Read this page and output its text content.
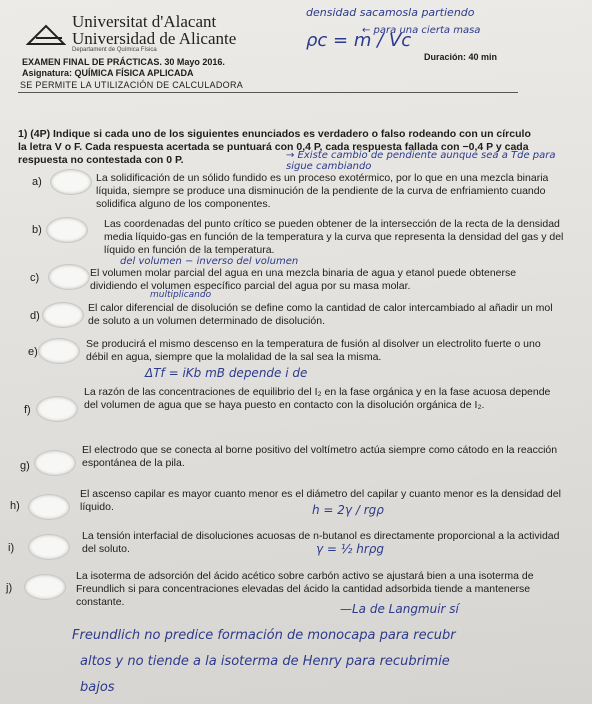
Universitat d'Alacant
Universidad de Alicante
Departament de Química Física
densidad sacamosla partiendo
ρc = m / Vc
← para una cierta masa
EXAMEN FINAL DE PRÁCTICAS. 30 Mayo 2016.	Duración: 40 min
Asignatura: QUÍMICA FÍSICA APLICADA
SE PERMITE LA UTILIZACIÓN DE CALCULADORA
1) (4P) Indique si cada uno de los siguientes enunciados es verdadero o falso rodeando con un círculo la letra V o F. Cada respuesta acertada se puntuará con 0,4 P, cada respuesta fallada con −0,4 P y cada respuesta no contestada con 0 P.	→ Existe cambio de pendiente aunque sea a Tde para sigue cambiando
a)	La solidificación de un sólido fundido es un proceso exotérmico, por lo que en una mezcla binaria líquida, siempre se produce una disminución de la pendiente de la curva de enfriamiento cuando solidifica alguno de los componentes.
b)	Las coordenadas del punto crítico se pueden obtener de la intersección de la recta de la densidad media líquido-gas en función de la temperatura y la curva que representa la densidad del gas y del líquido en función de la temperatura.
del volumen − inverso del volumen
c)	El volumen molar parcial del agua en una mezcla binaria de agua y etanol puede obtenerse dividiendo el volumen específico parcial del agua por su masa molar.
multiplicando
d)
El calor diferencial de disolución se define como la cantidad de calor intercambiado al añadir un mol de soluto a un volumen determinado de disolución.
e)
Se producirá el mismo descenso en la temperatura de fusión al disolver un electrolito fuerte o uno débil en agua, siempre que la molalidad de la sal sea la misma.
ΔTf = iKb mB depende i de
f)
La razón de las concentraciones de equilibrio del I₂ en la fase orgánica y en la fase acuosa depende del volumen de agua que se haya puesto en contacto con la disolución orgánica de I₂.
g)
El electrodo que se conecta al borne positivo del voltímetro actúa siempre como cátodo en la reacción espontánea de la pila.
h)
El ascenso capilar es mayor cuanto menor es el diámetro del capilar y cuanto menor es la densidad del líquido.	h = 2γ / rgρ
i)
La tensión interfacial de disoluciones acuosas de n-butanol es directamente proporcional a la actividad del soluto.	γ = ½ hrρg
j)
La isoterma de adsorción del ácido acético sobre carbón activo se ajustará bien a una isoterma de Freundlich si para concentraciones elevadas del ácido la cantidad adsorbida tiende a mantenerse constante.	—La de Langmuir sí
Freundlich no predice formación de monocapa para recubr
altos y no tiende a la isoterma de Henry para recubrimie
bajos
